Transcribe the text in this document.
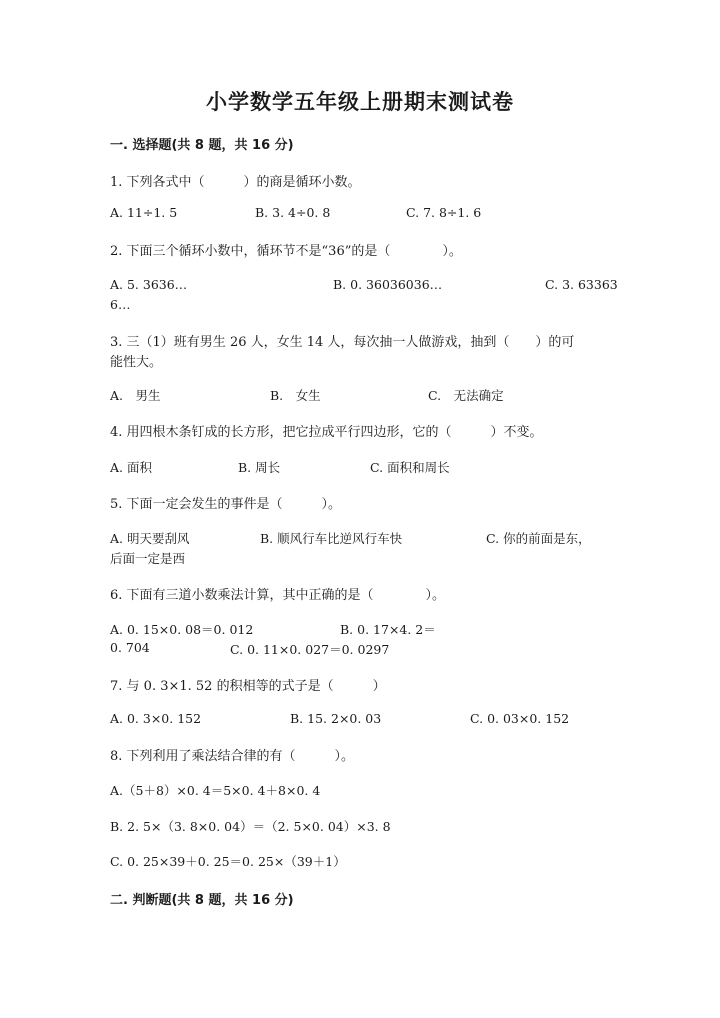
小学数学五年级上册期末测试卷
一. 选择题(共 8 题，共 16 分)
1. 下列各式中（　　　）的商是循环小数。
A. 11÷1. 5	B. 3. 4÷0. 8	C. 7. 8÷1. 6
2. 下面三个循环小数中，循环节不是“36”的是（　　　　）。
A. 5. 3636…	B. 0. 36036036…	C. 3. 63363
6…
3. 三（1）班有男生 26 人，女生 14 人，每次抽一人做游戏，抽到（　　）的可
能性大。
A.　男生	B.　女生	C.　无法确定
4. 用四根木条钉成的长方形，把它拉成平行四边形，它的（　　　）不变。
A. 面积	B. 周长	C. 面积和周长
5. 下面一定会发生的事件是（　　　）。
A. 明天要刮风	B. 顺风行车比逆风行车快	C. 你的前面是东，
后面一定是西
6. 下面有三道小数乘法计算，其中正确的是（　　　　）。
A. 0. 15×0. 08＝0. 012	B. 0. 17×4. 2＝
0. 704	C. 0. 11×0. 027＝0. 0297
7. 与 0. 3×1. 52 的积相等的式子是（　　　）
A. 0. 3×0. 152	B. 15. 2×0. 03	C. 0. 03×0. 152
8. 下列利用了乘法结合律的有（　　　）。
A.（5＋8）×0. 4＝5×0. 4＋8×0. 4
B. 2. 5×（3. 8×0. 04）＝（2. 5×0. 04）×3. 8
C. 0. 25×39＋0. 25＝0. 25×（39＋1）
二. 判断题(共 8 题，共 16 分)
